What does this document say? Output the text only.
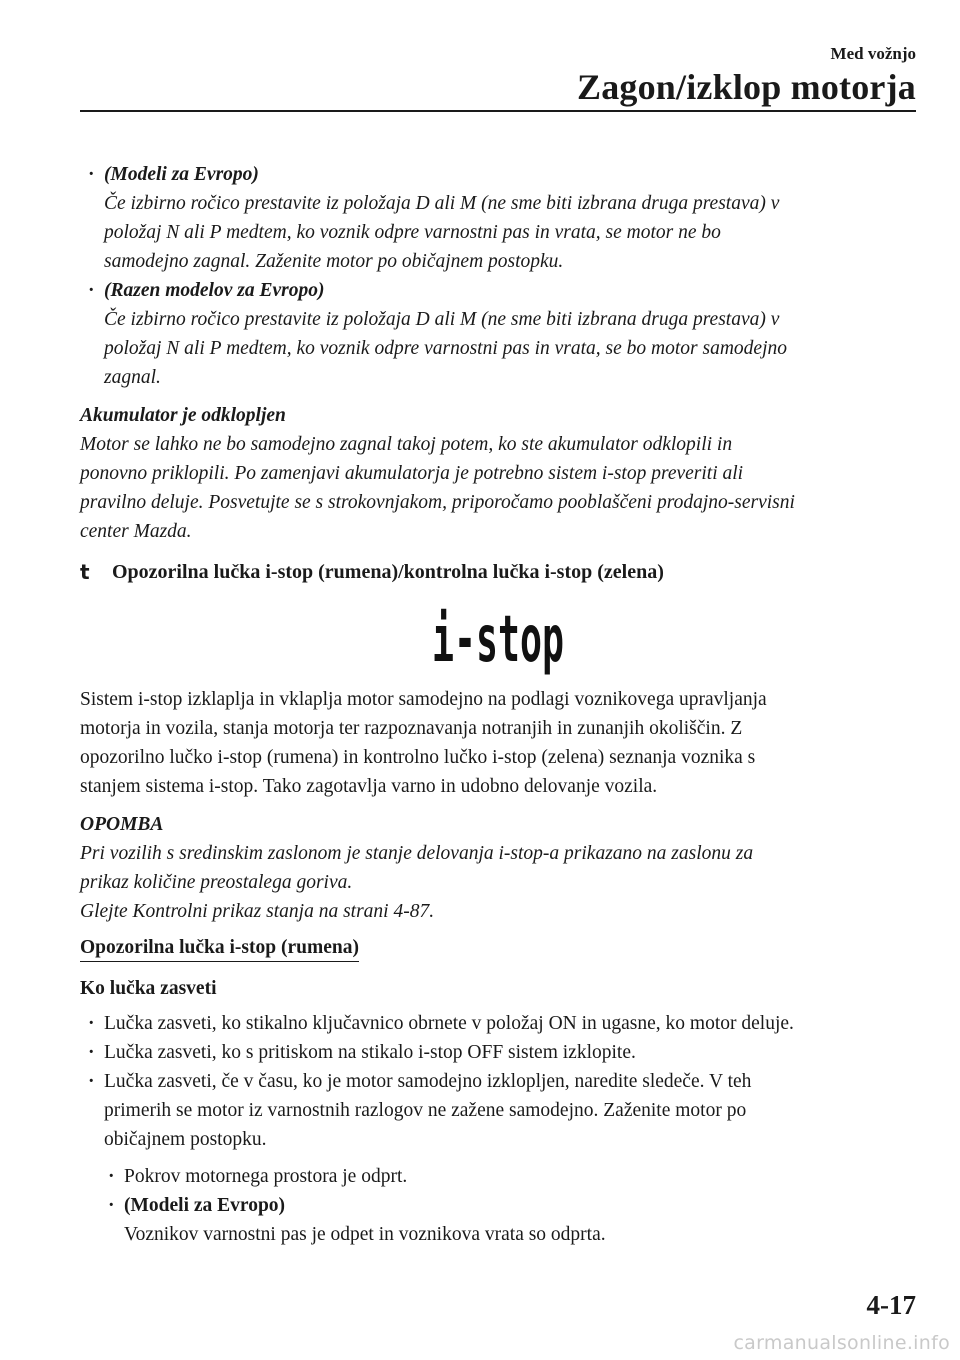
Med vožnjo
Zagon/izklop motorja
· (Modeli za Evropo)
Če izbirno ročico prestavite iz položaja D ali M (ne sme biti izbrana druga prestava) v
položaj N ali P medtem, ko voznik odpre varnostni pas in vrata, se motor ne bo
samodejno zagnal. Zaženite motor po običajnem postopku.
· (Razen modelov za Evropo)
Če izbirno ročico prestavite iz položaja D ali M (ne sme biti izbrana druga prestava) v
položaj N ali P medtem, ko voznik odpre varnostni pas in vrata, se bo motor samodejno
zagnal.
Akumulator je odklopljen
Motor se lahko ne bo samodejno zagnal takoj potem, ko ste akumulator odklopili in
ponovno priklopili. Po zamenjavi akumulatorja je potrebno sistem i-stop preveriti ali
pravilno deluje. Posvetujte se s strokovnjakom, priporočamo pooblaščeni prodajno-servisni
center Mazda.
t Opozorilna lučka i-stop (rumena)/kontrolna lučka i-stop (zelena)
i-stop
Sistem i-stop izklaplja in vklaplja motor samodejno na podlagi voznikovega upravljanja
motorja in vozila, stanja motorja ter razpoznavanja notranjih in zunanjih okoliščin. Z
opozorilno lučko i-stop (rumena) in kontrolno lučko i-stop (zelena) seznanja voznika s
stanjem sistema i-stop. Tako zagotavlja varno in udobno delovanje vozila.
OPOMBA
Pri vozilih s sredinskim zaslonom je stanje delovanja i-stop-a prikazano na zaslonu za
prikaz količine preostalega goriva.
Glejte Kontrolni prikaz stanja na strani 4-87.
Opozorilna lučka i-stop (rumena)
Ko lučka zasveti
· Lučka zasveti, ko stikalno ključavnico obrnete v položaj ON in ugasne, ko motor deluje.
· Lučka zasveti, ko s pritiskom na stikalo i-stop OFF sistem izklopite.
· Lučka zasveti, če v času, ko je motor samodejno izklopljen, naredite sledeče. V teh
primerih se motor iz varnostnih razlogov ne zažene samodejno. Zaženite motor po
običajnem postopku.
· Pokrov motornega prostora je odprt.
· (Modeli za Evropo)
Voznikov varnostni pas je odpet in voznikova vrata so odprta.
4-17
carmanualsonline.info
